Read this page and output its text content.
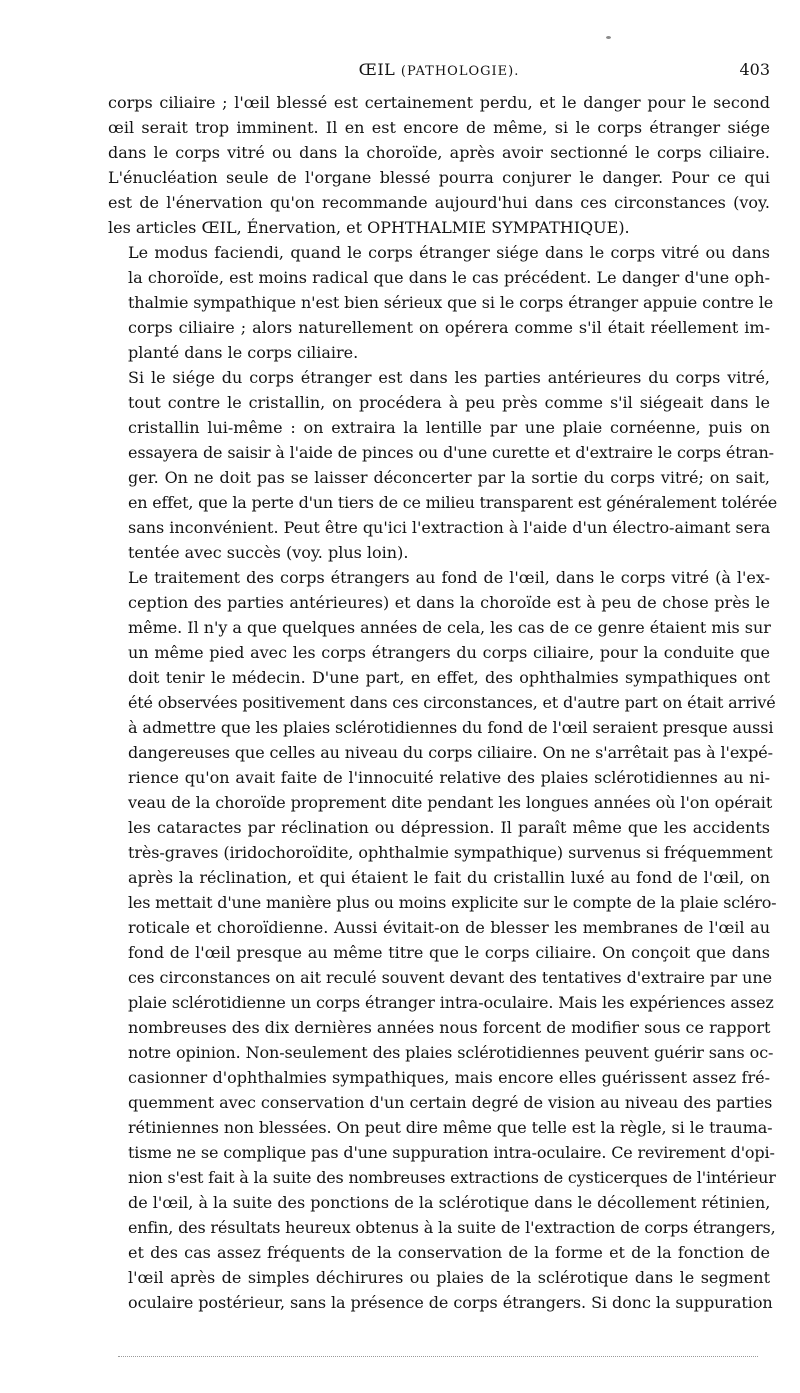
ŒIL (PATHOLOGIE).	403

corps ciliaire ; l'œil blessé est certainement perdu, et le danger pour le second
œil serait trop imminent. Il en est encore de même, si le corps étranger siége
dans le corps vitré ou dans la choroïde, après avoir sectionné le corps ciliaire.
L'énucléation seule de l'organe blessé pourra conjurer le danger. Pour ce qui
est de l'énervation qu'on recommande aujourd'hui dans ces circonstances (voy.
les articles ŒIL, Énervation, et OPHTHALMIE SYMPATHIQUE).

Le modus faciendi, quand le corps étranger siége dans le corps vitré ou dans
la choroïde, est moins radical que dans le cas précédent. Le danger d'une oph-
thalmie sympathique n'est bien sérieux que si le corps étranger appuie contre le
corps ciliaire ; alors naturellement on opérera comme s'il était réellement im-
planté dans le corps ciliaire.

Si le siége du corps étranger est dans les parties antérieures du corps vitré,
tout contre le cristallin, on procédera à peu près comme s'il siégeait dans le
cristallin lui-même : on extraira la lentille par une plaie cornéenne, puis on
essayera de saisir à l'aide de pinces ou d'une curette et d'extraire le corps étran-
ger. On ne doit pas se laisser déconcerter par la sortie du corps vitré; on sait,
en effet, que la perte d'un tiers de ce milieu transparent est généralement tolérée
sans inconvénient. Peut être qu'ici l'extraction à l'aide d'un électro-aimant sera
tentée avec succès (voy. plus loin).

Le traitement des corps étrangers au fond de l'œil, dans le corps vitré (à l'ex-
ception des parties antérieures) et dans la choroïde est à peu de chose près le
même. Il n'y a que quelques années de cela, les cas de ce genre étaient mis sur
un même pied avec les corps étrangers du corps ciliaire, pour la conduite que
doit tenir le médecin. D'une part, en effet, des ophthalmies sympathiques ont
été observées positivement dans ces circonstances, et d'autre part on était arrivé
à admettre que les plaies sclérotidiennes du fond de l'œil seraient presque aussi
dangereuses que celles au niveau du corps ciliaire. On ne s'arrêtait pas à l'expé-
rience qu'on avait faite de l'innocuité relative des plaies sclérotidiennes au ni-
veau de la choroïde proprement dite pendant les longues années où l'on opérait
les cataractes par réclination ou dépression. Il paraît même que les accidents
très-graves (iridochoroïdite, ophthalmie sympathique) survenus si fréquemment
après la réclination, et qui étaient le fait du cristallin luxé au fond de l'œil, on
les mettait d'une manière plus ou moins explicite sur le compte de la plaie scléro-
roticale et choroïdienne. Aussi évitait-on de blesser les membranes de l'œil au
fond de l'œil presque au même titre que le corps ciliaire. On conçoit que dans
ces circonstances on ait reculé souvent devant des tentatives d'extraire par une
plaie sclérotidienne un corps étranger intra-oculaire. Mais les expériences assez
nombreuses des dix dernières années nous forcent de modifier sous ce rapport
notre opinion. Non-seulement des plaies sclérotidiennes peuvent guérir sans oc-
casionner d'ophthalmies sympathiques, mais encore elles guérissent assez fré-
quemment avec conservation d'un certain degré de vision au niveau des parties
rétiniennes non blessées. On peut dire même que telle est la règle, si le trauma-
tisme ne se complique pas d'une suppuration intra-oculaire. Ce revirement d'opi-
nion s'est fait à la suite des nombreuses extractions de cysticerques de l'intérieur
de l'œil, à la suite des ponctions de la sclérotique dans le décollement rétinien,
enfin, des résultats heureux obtenus à la suite de l'extraction de corps étrangers,
et des cas assez fréquents de la conservation de la forme et de la fonction de
l'œil après de simples déchirures ou plaies de la sclérotique dans le segment
oculaire postérieur, sans la présence de corps étrangers. Si donc la suppuration
